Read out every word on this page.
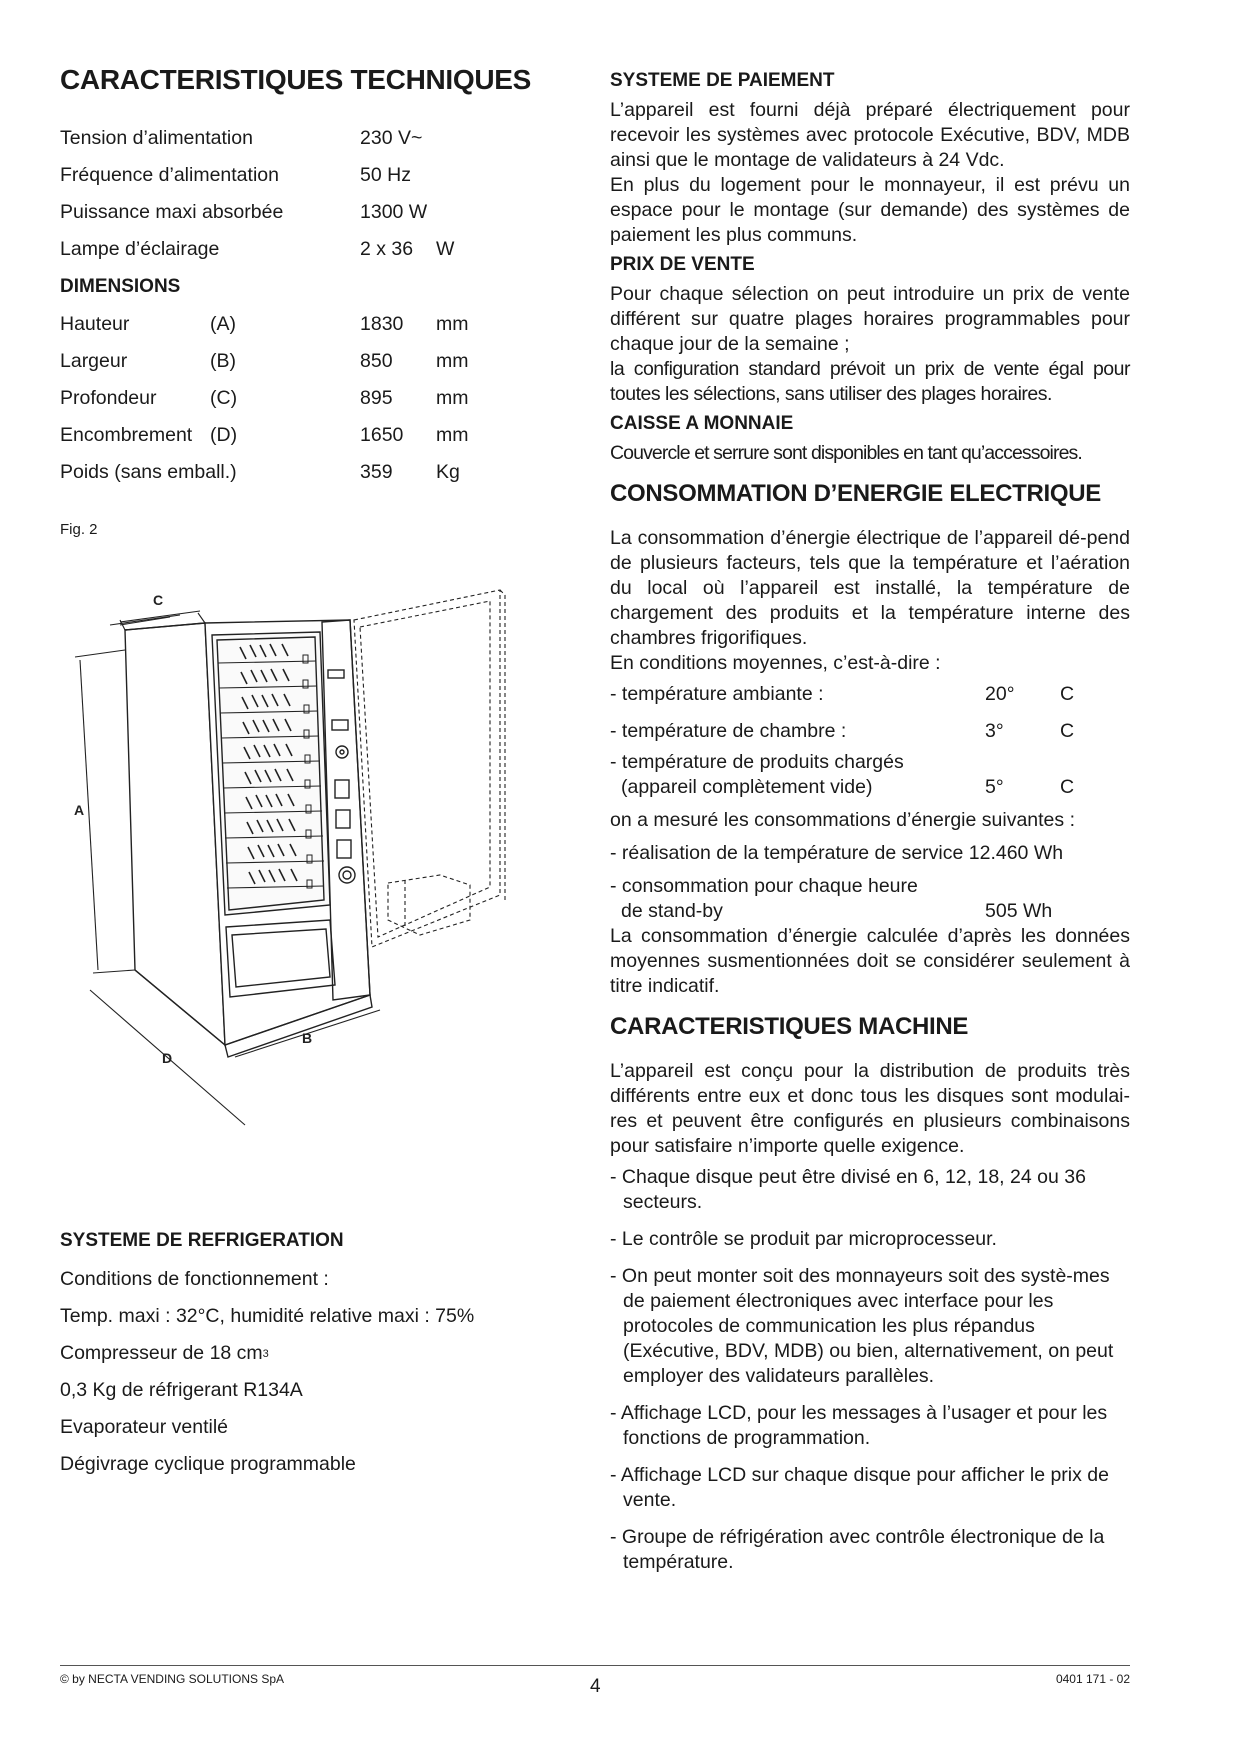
CARACTERISTIQUES TECHNIQUES
Tension d’alimentation	230 V~
Fréquence d’alimentation	50 Hz
Puissance maxi absorbée	1300 W
Lampe d’éclairage	2 x 36	W
DIMENSIONS
Hauteur	(A)	1830	mm
Largeur	(B)	850	mm
Profondeur	(C)	895	mm
Encombrement (D)	1650	mm
Poids (sans emball.)	359	Kg
Fig. 2
C
A
D
B
SYSTEME DE REFRIGERATION
Conditions de fonctionnement :
Temp. maxi : 32°C, humidité relative maxi : 75%
Compresseur de 18 cm 3
0,3 Kg de réfrigerant R134A
Evaporateur ventilé
Dégivrage cyclique programmable
SYSTEME DE PAIEMENT

L’appareil est fourni déjà préparé électriquement pour recevoir les systèmes avec protocole Exécutive, BDV, MDB ainsi que le montage de validateurs à 24 Vdc.

En plus du logement pour le monnayeur, il est prévu un espace pour le montage (sur demande) des systèmes de paiement les plus communs.

PRIX DE VENTE

Pour chaque sélection on peut introduire un prix de vente différent sur quatre plages horaires programmables pour chaque jour de la semaine ;

la configuration standard prévoit un prix de vente égal pour toutes les sélections, sans utiliser des plages horaires.

CAISSE A MONNAIE

Couvercle et serrure sont disponibles en tant qu’accessoires.

CONSOMMATION D’ENERGIE ELECTRIQUE

La consommation d’énergie électrique de l’appareil dé-pend de plusieurs facteurs, tels que la température et l’aération du local où l’appareil est installé, la température de chargement des produits et la température interne des chambres frigorifiques.

En conditions moyennes, c’est-à-dire :

- température ambiante :	20°	C
- température de chambre :	3°	C
- température de produits chargés
(appareil complètement vide)	5°	C

on a mesuré les consommations d’énergie suivantes :

- réalisation de la température de service 12.460 Wh

- consommation pour chaque heure
de stand-by	505 Wh

La consommation d’énergie calculée d’après les données moyennes susmentionnées doit se considérer seulement à titre indicatif.

CARACTERISTIQUES MACHINE

L’appareil est conçu pour la distribution de produits très différents entre eux et donc tous les disques sont modulai-res et peuvent être configurés en plusieurs combinaisons pour satisfaire n’importe quelle exigence.

- Chaque disque peut être divisé en 6, 12, 18, 24 ou 36 secteurs.

- Le contrôle se produit par microprocesseur.

- On peut monter soit des monnayeurs soit des systè-mes de paiement électroniques avec interface pour les protocoles de communication les plus répandus (Exécutive, BDV, MDB) ou bien, alternativement, on peut employer des validateurs parallèles.

- Affichage LCD, pour les messages à l’usager et pour les fonctions de programmation.

- Affichage LCD sur chaque disque pour afficher le prix de vente.

- Groupe de réfrigération avec contrôle électronique de la température.

© by NECTA VENDING SOLUTIONS SpA	4	0401 171 - 02
